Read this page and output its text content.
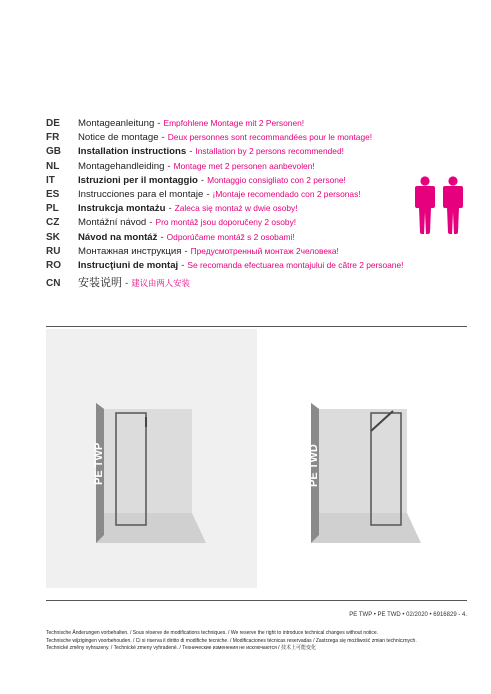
DE	Montageanleitung - Empfohlene Montage mit 2 Personen!
FR	Notice de montage - Deux personnes sont recommandées pour le montage!
GB	Installation instructions - Installation by 2 persons recommended!
NL	Montagehandleiding - Montage met 2 personen aanbevolen!
IT	Istruzioni per il montaggio - Montaggio consigliato con 2 persone!
ES	Instrucciones para el montaje - ¡Montaje recomendado con 2 personas!
PL	Instrukcja montażu - Zaleca się montaż w dwie osoby!
CZ	Montážní návod - Pro montáž jsou doporučeny 2 osoby!
SK	Návod na montáž - Odporúčame montáž s 2 osobami!
RU	Монтажная инструкция - Предусмотренный монтаж 2человека!
RO	Instrucţiuni de montaj - Se recomanda efectuarea montajului de către 2 persoane!
CN	安装说明 - 建议由两人安装
PE TWP	PE TWD
PE TWP • PE TWD • 02/2020 • 6916829 - 4.
Technische Änderungen vorbehalten. / Sous réserve de modifications techniques. / We reserve the right to introduce technical changes without notice.
Technische wijzigingen voorbehouden. / Ci si riserva il diritto di modifiche tecniche. / Modificaciones técnicas reservadas / Zastrzega się możliwość zmian technicznych.
Technické změny vyhrazeny. / Technické zmeny vyhradené. / Технические изменения не исключаются / 技术上可能变化
